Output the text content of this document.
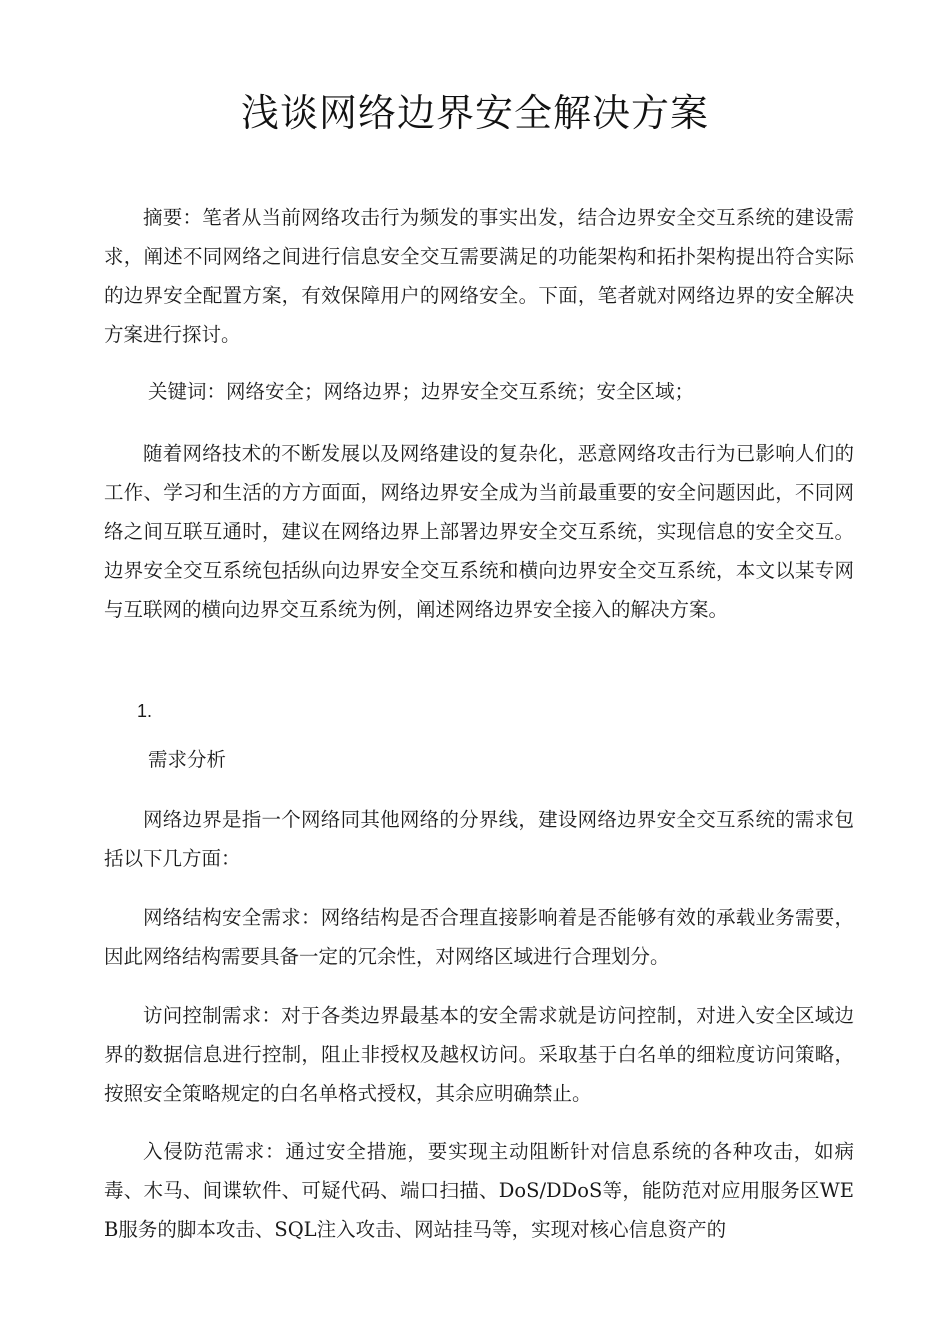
浅谈网络边界安全解决方案

摘要：笔者从当前网络攻击行为频发的事实出发，结合边界安全交互系统的建设需求，阐述不同网络之间进行信息安全交互需要满足的功能架构和拓扑架构提出符合实际的边界安全配置方案，有效保障用户的网络安全。下面，笔者就对网络边界的安全解决方案进行探讨。

关键词：网络安全；网络边界；边界安全交互系统；安全区域；

随着网络技术的不断发展以及网络建设的复杂化，恶意网络攻击行为已影响人们的工作、学习和生活的方方面面，网络边界安全成为当前最重要的安全问题因此，不同网络之间互联互通时，建议在网络边界上部署边界安全交互系统，实现信息的安全交互。边界安全交互系统包括纵向边界安全交互系统和横向边界安全交互系统，本文以某专网与互联网的横向边界交互系统为例，阐述网络边界安全接入的解决方案。

1.

需求分析

网络边界是指一个网络同其他网络的分界线，建设网络边界安全交互系统的需求包括以下几方面：

网络结构安全需求：网络结构是否合理直接影响着是否能够有效的承载业务需要，因此网络结构需要具备一定的冗余性，对网络区域进行合理划分。

访问控制需求：对于各类边界最基本的安全需求就是访问控制，对进入安全区域边界的数据信息进行控制，阻止非授权及越权访问。采取基于白名单的细粒度访问策略，按照安全策略规定的白名单格式授权，其余应明确禁止。

入侵防范需求：通过安全措施，要实现主动阻断针对信息系统的各种攻击，如病毒、木马、间谍软件、可疑代码、端口扫描、DoS/DDoS等，能防范对应用服务区WEB服务的脚本攻击、SQL注入攻击、网站挂马等，实现对核心信息资产的
